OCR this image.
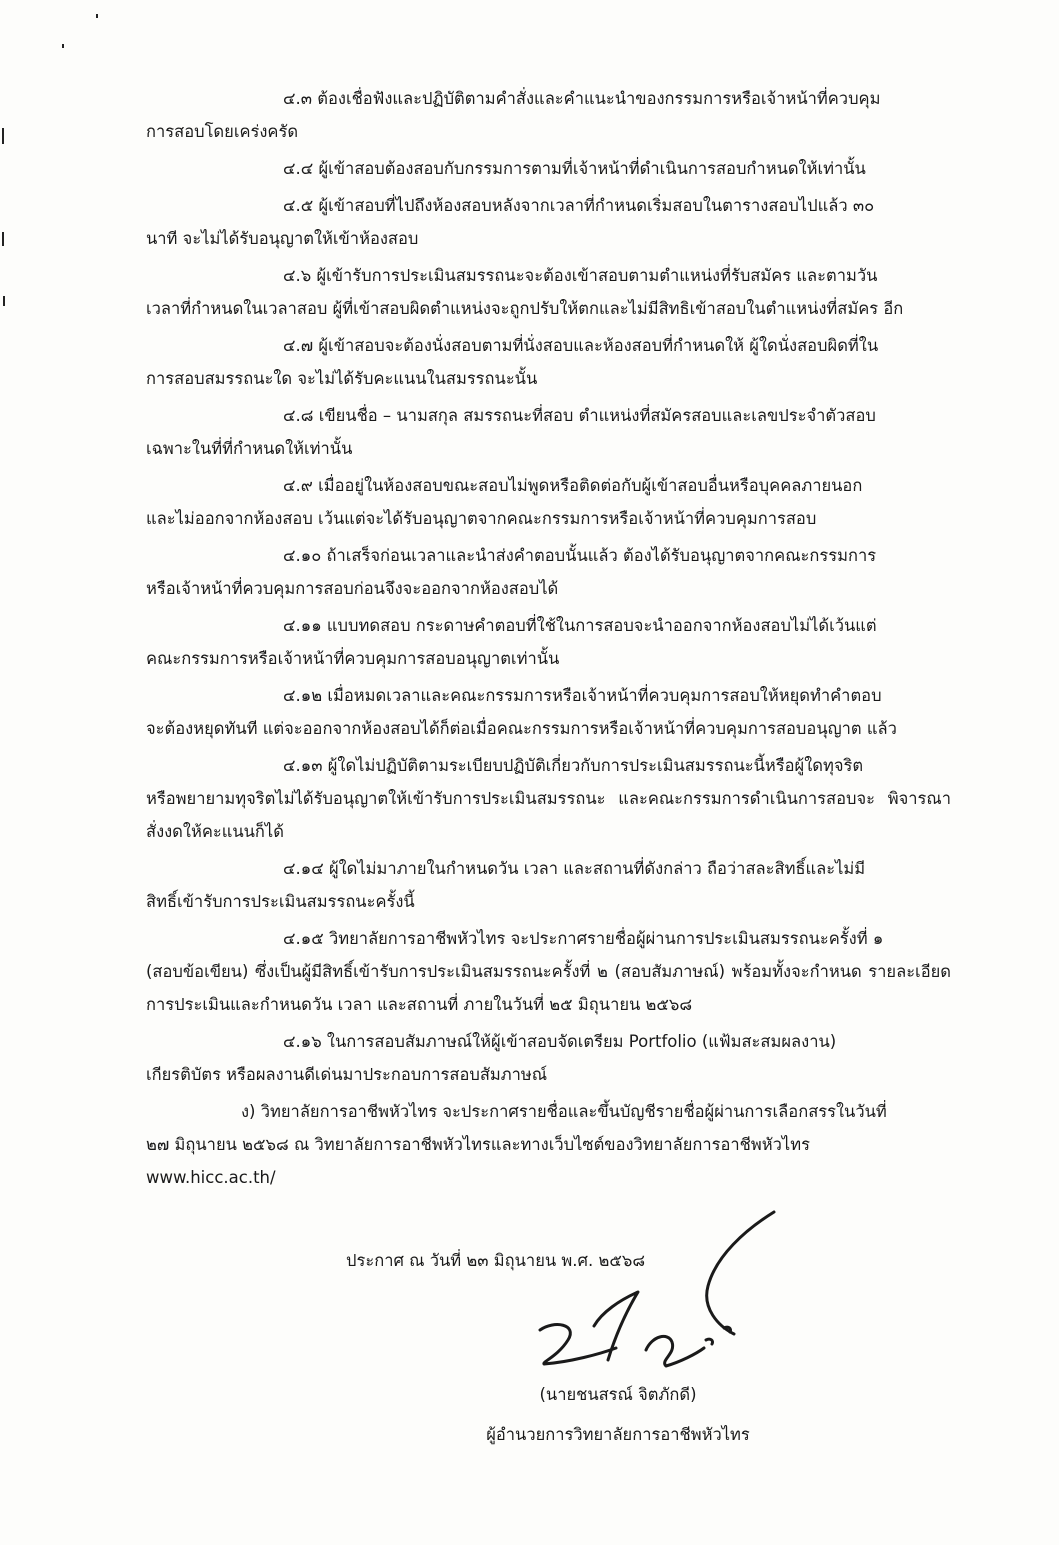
๔.๓ ต้องเชื่อฟังและปฏิบัติตามคำสั่งและคำแนะนำของกรรมการหรือเจ้าหน้าที่ควบคุม
การสอบโดยเคร่งครัด
๔.๔ ผู้เข้าสอบต้องสอบกับกรรมการตามที่เจ้าหน้าที่ดำเนินการสอบกำหนดให้เท่านั้น
๔.๕ ผู้เข้าสอบที่ไปถึงห้องสอบหลังจากเวลาที่กำหนดเริ่มสอบในตารางสอบไปแล้ว ๓๐
นาที จะไม่ได้รับอนุญาตให้เข้าห้องสอบ
๔.๖ ผู้เข้ารับการประเมินสมรรถนะจะต้องเข้าสอบตามตำแหน่งที่รับสมัคร และตามวัน
เวลาที่กำหนดในเวลาสอบ ผู้ที่เข้าสอบผิดตำแหน่งจะถูกปรับให้ตกและไม่มีสิทธิเข้าสอบในตำแหน่งที่สมัคร อีก
๔.๗ ผู้เข้าสอบจะต้องนั่งสอบตามที่นั่งสอบและห้องสอบที่กำหนดให้ ผู้ใดนั่งสอบผิดที่ใน
การสอบสมรรถนะใด จะไม่ได้รับคะแนนในสมรรถนะนั้น
๔.๘ เขียนชื่อ – นามสกุล สมรรถนะที่สอบ ตำแหน่งที่สมัครสอบและเลขประจำตัวสอบ
เฉพาะในที่ที่กำหนดให้เท่านั้น
๔.๙ เมื่ออยู่ในห้องสอบขณะสอบไม่พูดหรือติดต่อกับผู้เข้าสอบอื่นหรือบุคคลภายนอก
และไม่ออกจากห้องสอบ เว้นแต่จะได้รับอนุญาตจากคณะกรรมการหรือเจ้าหน้าที่ควบคุมการสอบ
๔.๑๐ ถ้าเสร็จก่อนเวลาและนำส่งคำตอบนั้นแล้ว ต้องได้รับอนุญาตจากคณะกรรมการ
หรือเจ้าหน้าที่ควบคุมการสอบก่อนจึงจะออกจากห้องสอบได้
๔.๑๑ แบบทดสอบ กระดาษคำตอบที่ใช้ในการสอบจะนำออกจากห้องสอบไม่ได้เว้นแต่
คณะกรรมการหรือเจ้าหน้าที่ควบคุมการสอบอนุญาตเท่านั้น
๔.๑๒ เมื่อหมดเวลาและคณะกรรมการหรือเจ้าหน้าที่ควบคุมการสอบให้หยุดทำคำตอบ
จะต้องหยุดทันที แต่จะออกจากห้องสอบได้ก็ต่อเมื่อคณะกรรมการหรือเจ้าหน้าที่ควบคุมการสอบอนุญาต แล้ว
๔.๑๓ ผู้ใดไม่ปฏิบัติตามระเบียบปฏิบัติเกี่ยวกับการประเมินสมรรถนะนี้หรือผู้ใดทุจริต
หรือพยายามทุจริตไม่ได้รับอนุญาตให้เข้ารับการประเมินสมรรถนะ และคณะกรรมการดำเนินการสอบจะ พิจารณาสั่งงดให้คะแนนก็ได้
๔.๑๔ ผู้ใดไม่มาภายในกำหนดวัน เวลา และสถานที่ดังกล่าว ถือว่าสละสิทธิ์และไม่มี
สิทธิ์เข้ารับการประเมินสมรรถนะครั้งนี้
๔.๑๕ วิทยาลัยการอาชีพหัวไทร จะประกาศรายชื่อผู้ผ่านการประเมินสมรรถนะครั้งที่ ๑
(สอบข้อเขียน) ซึ่งเป็นผู้มีสิทธิ์เข้ารับการประเมินสมรรถนะครั้งที่ ๒ (สอบสัมภาษณ์) พร้อมทั้งจะกำหนด รายละเอียดการประเมินและกำหนดวัน เวลา และสถานที่ ภายในวันที่ ๒๕ มิถุนายน ๒๕๖๘
๔.๑๖ ในการสอบสัมภาษณ์ให้ผู้เข้าสอบจัดเตรียม Portfolio (แฟ้มสะสมผลงาน)
เกียรติบัตร หรือผลงานดีเด่นมาประกอบการสอบสัมภาษณ์
ง) วิทยาลัยการอาชีพหัวไทร จะประกาศรายชื่อและขึ้นบัญชีรายชื่อผู้ผ่านการเลือกสรรในวันที่
๒๗ มิถุนายน ๒๕๖๘ ณ วิทยาลัยการอาชีพหัวไทรและทางเว็บไซต์ของวิทยาลัยการอาชีพหัวไทร
www.hicc.ac.th/
ประกาศ ณ วันที่ ๒๓ มิถุนายน พ.ศ. ๒๕๖๘
(นายชนสรณ์ จิตภักดี)
ผู้อำนวยการวิทยาลัยการอาชีพหัวไทร
